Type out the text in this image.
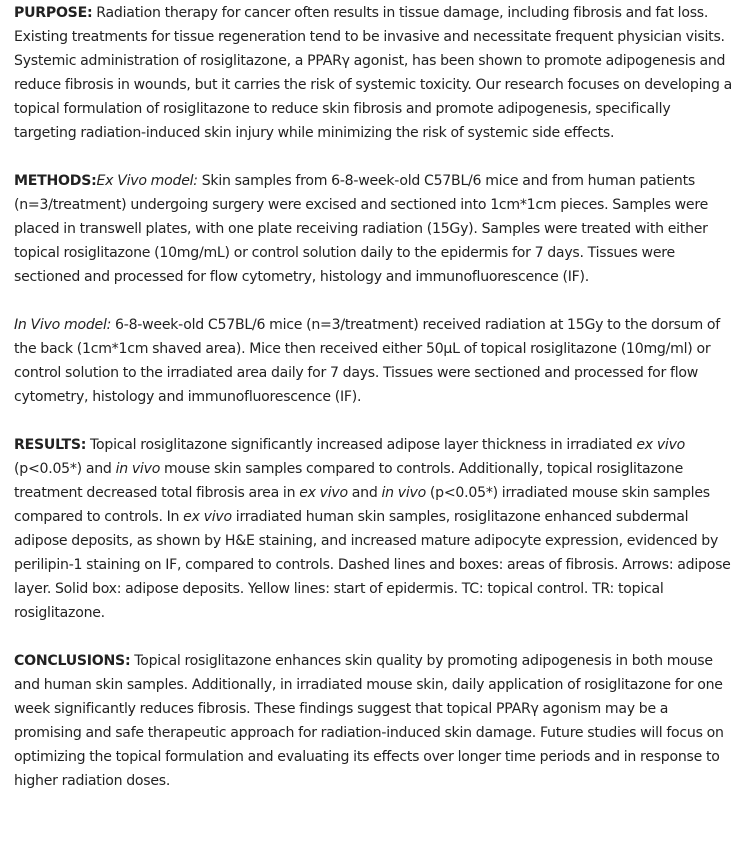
PURPOSE: Radiation therapy for cancer often results in tissue damage, including fibrosis and fat loss. Existing treatments for tissue regeneration tend to be invasive and necessitate frequent physician visits. Systemic administration of rosiglitazone, a PPARγ agonist, has been shown to promote adipogenesis and reduce fibrosis in wounds, but it carries the risk of systemic toxicity. Our research focuses on developing a topical formulation of rosiglitazone to reduce skin fibrosis and promote adipogenesis, specifically targeting radiation-induced skin injury while minimizing the risk of systemic side effects.

METHODS:Ex Vivo model: Skin samples from 6-8-week-old C57BL/6 mice and from human patients (n=3/treatment) undergoing surgery were excised and sectioned into 1cm*1cm pieces. Samples were placed in transwell plates, with one plate receiving radiation (15Gy). Samples were treated with either topical rosiglitazone (10mg/mL) or control solution daily to the epidermis for 7 days. Tissues were sectioned and processed for flow cytometry, histology and immunofluorescence (IF).

In Vivo model: 6-8-week-old C57BL/6 mice (n=3/treatment) received radiation at 15Gy to the dorsum of the back (1cm*1cm shaved area). Mice then received either 50μL of topical rosiglitazone (10mg/ml) or control solution to the irradiated area daily for 7 days. Tissues were sectioned and processed for flow cytometry, histology and immunofluorescence (IF).

RESULTS: Topical rosiglitazone significantly increased adipose layer thickness in irradiated ex vivo (p<0.05*) and in vivo mouse skin samples compared to controls. Additionally, topical rosiglitazone treatment decreased total fibrosis area in ex vivo and in vivo (p<0.05*) irradiated mouse skin samples compared to controls. In ex vivo irradiated human skin samples, rosiglitazone enhanced subdermal adipose deposits, as shown by H&E staining, and increased mature adipocyte expression, evidenced by perilipin-1 staining on IF, compared to controls. Dashed lines and boxes: areas of fibrosis. Arrows: adipose layer. Solid box: adipose deposits. Yellow lines: start of epidermis. TC: topical control. TR: topical rosiglitazone.

CONCLUSIONS: Topical rosiglitazone enhances skin quality by promoting adipogenesis in both mouse and human skin samples. Additionally, in irradiated mouse skin, daily application of rosiglitazone for one week significantly reduces fibrosis. These findings suggest that topical PPARγ agonism may be a promising and safe therapeutic approach for radiation-induced skin damage. Future studies will focus on optimizing the topical formulation and evaluating its effects over longer time periods and in response to higher radiation doses.
